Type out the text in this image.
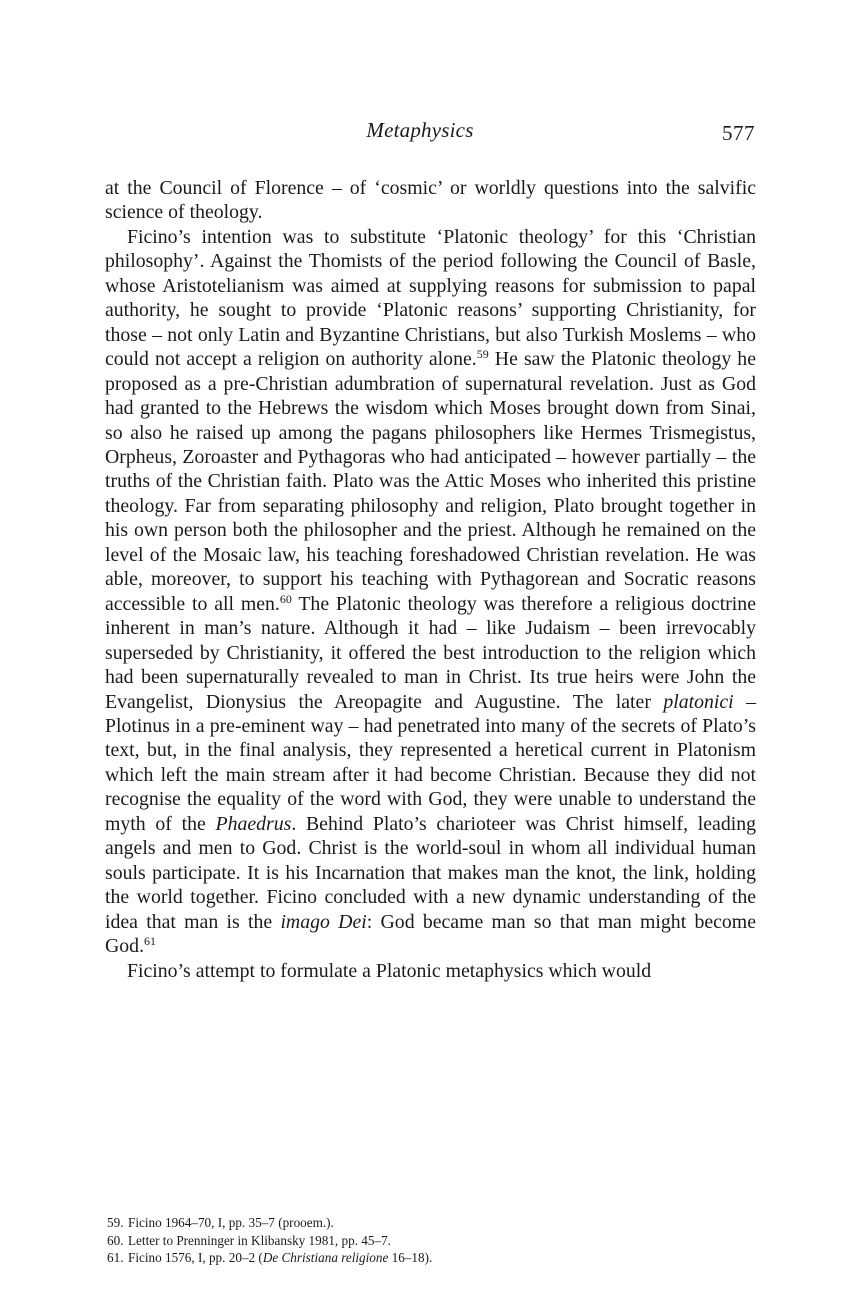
Metaphysics	577

at the Council of Florence – of ‘cosmic’ or worldly questions into the salvific science of theology.

Ficino’s intention was to substitute ‘Platonic theology’ for this ‘Christian philosophy’. Against the Thomists of the period following the Council of Basle, whose Aristotelianism was aimed at supplying reasons for submission to papal authority, he sought to provide ‘Platonic reasons’ supporting Christianity, for those – not only Latin and Byzantine Christians, but also Turkish Moslems – who could not accept a religion on authority alone.$^{59}$ He saw the Platonic theology he proposed as a pre-Christian adumbration of supernatural revelation. Just as God had granted to the Hebrews the wisdom which Moses brought down from Sinai, so also he raised up among the pagans philosophers like Hermes Trismegistus, Orpheus, Zoroaster and Pythagoras who had anticipated – however partially – the truths of the Christian faith. Plato was the Attic Moses who inherited this pristine theology. Far from separating philosophy and religion, Plato brought together in his own person both the philosopher and the priest. Although he remained on the level of the Mosaic law, his teaching foreshadowed Christian revelation. He was able, moreover, to support his teaching with Pythagorean and Socratic reasons accessible to all men.$^{60}$ The Platonic theology was therefore a religious doctrine inherent in man’s nature. Although it had – like Judaism – been irrevocably superseded by Christianity, it offered the best introduction to the religion which had been supernaturally revealed to man in Christ. Its true heirs were John the Evangelist, Dionysius the Areopagite and Augustine. The later platonici – Plotinus in a pre-eminent way – had penetrated into many of the secrets of Plato’s text, but, in the final analysis, they represented a heretical current in Platonism which left the main stream after it had become Christian. Because they did not recognise the equality of the word with God, they were unable to understand the myth of the Phaedrus. Behind Plato’s charioteer was Christ himself, leading angels and men to God. Christ is the world-soul in whom all individual human souls participate. It is his Incarnation that makes man the knot, the link, holding the world together. Ficino concluded with a new dynamic understanding of the idea that man is the imago Dei: God became man so that man might become God.$^{61}$

Ficino’s attempt to formulate a Platonic metaphysics which would

59. Ficino 1964–70, I, pp. 35–7 (prooem.).
60. Letter to Prenninger in Klibansky 1981, pp. 45–7.
61. Ficino 1576, I, pp. 20–2 (De Christiana religione 16–18).
